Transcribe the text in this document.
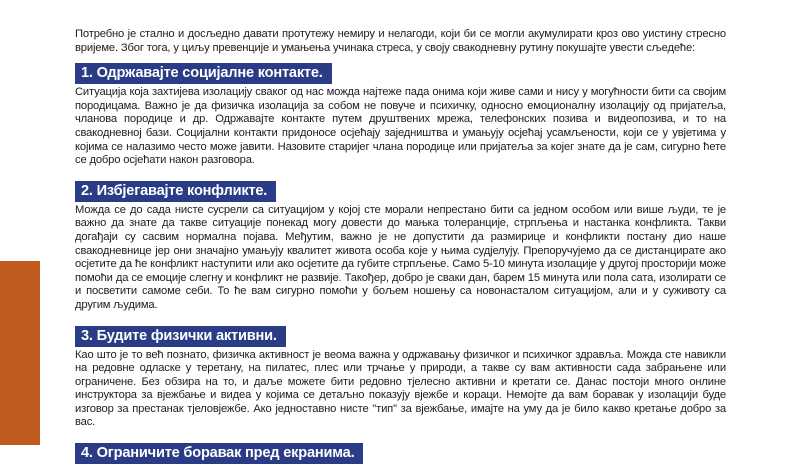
Потребно је стално и досљедно давати протутежу немиру и нелагоди, који би се могли акумулирати кроз ово уистину стресно вријеме. Због тога, у циљу превенције и умањења учинака стреса, у своју свакодневну рутину покушајте увести сљедеће:

1. Одржавајте социјалне контакте.

Ситуација која захтијева изолацију сваког од нас можда најтеже пада онима који живе сами и нису у могућности бити са својим породицама. Важно је да физичка изолација за собом не повуче и психичку, односно емоционалну изолацију од пријатеља, чланова породице и др. Одржавајте контакте путем друштвених мрежа, телефонских позива и видеопозива, и то на свакодневној бази. Социјални контакти придоносе осјећају заједништва и умањују осјећај усамљености, који се у увјетима у којима се налазимо често може јавити. Назовите старијег члана породице или пријатеља за којег знате да је сам, сигурно ћете се добро осјећати након разговора.

2. Избјегавајте конфликте.

Можда се до сада нисте сусрели са ситуацијом у којој сте морали непрестано бити са једном особом или више људи, те је важно да знате да такве ситуације понекад могу довести до мањка толеранције, стрпљења и настанка конфликта. Такви догађаји су сасвим нормална појава. Међутим, важно је не допустити да размирице и конфликти постану дио наше свакодневнице јер они значајно умањују квалитет живота особа које у њима судјелују. Препоручујемо да се дистанцирате ако осјетите да ће конфликт наступити или ако осјетите да губите стрпљење. Само 5-10 минута изолације у другој просторији може помоћи да се емоције слегну и конфликт не развије. Такођер, добро је сваки дан, барем 15 минута или пола сата, изолирати се и посветити самоме себи. То ће вам сигурно помоћи у бољем ношењу са новонасталом ситуацијом, али и у суживоту са другим људима.

3. Будите физички активни.

Као што је то већ познато, физичка активност је веома важна у одржавању физичког и психичког здравља. Можда сте навикли на редовне одласке у теретану, на пилатес, плес или трчање у природи, а такве су вам активности сада забрањене или ограничене. Без обзира на то, и даље можете бити редовно тјелесно активни и кретати се. Данас постоји много онлине инструктора за вјежбање и видеа у којима се детаљно показују вјежбе и кораци. Немојте да вам боравак у изолацији буде изговор за престанак тјеловјежбе. Ако једноставно нисте "тип" за вјежбање, имајте на уму да је било какво кретање добро за вас.

4. Ограничите боравак пред екранима.
